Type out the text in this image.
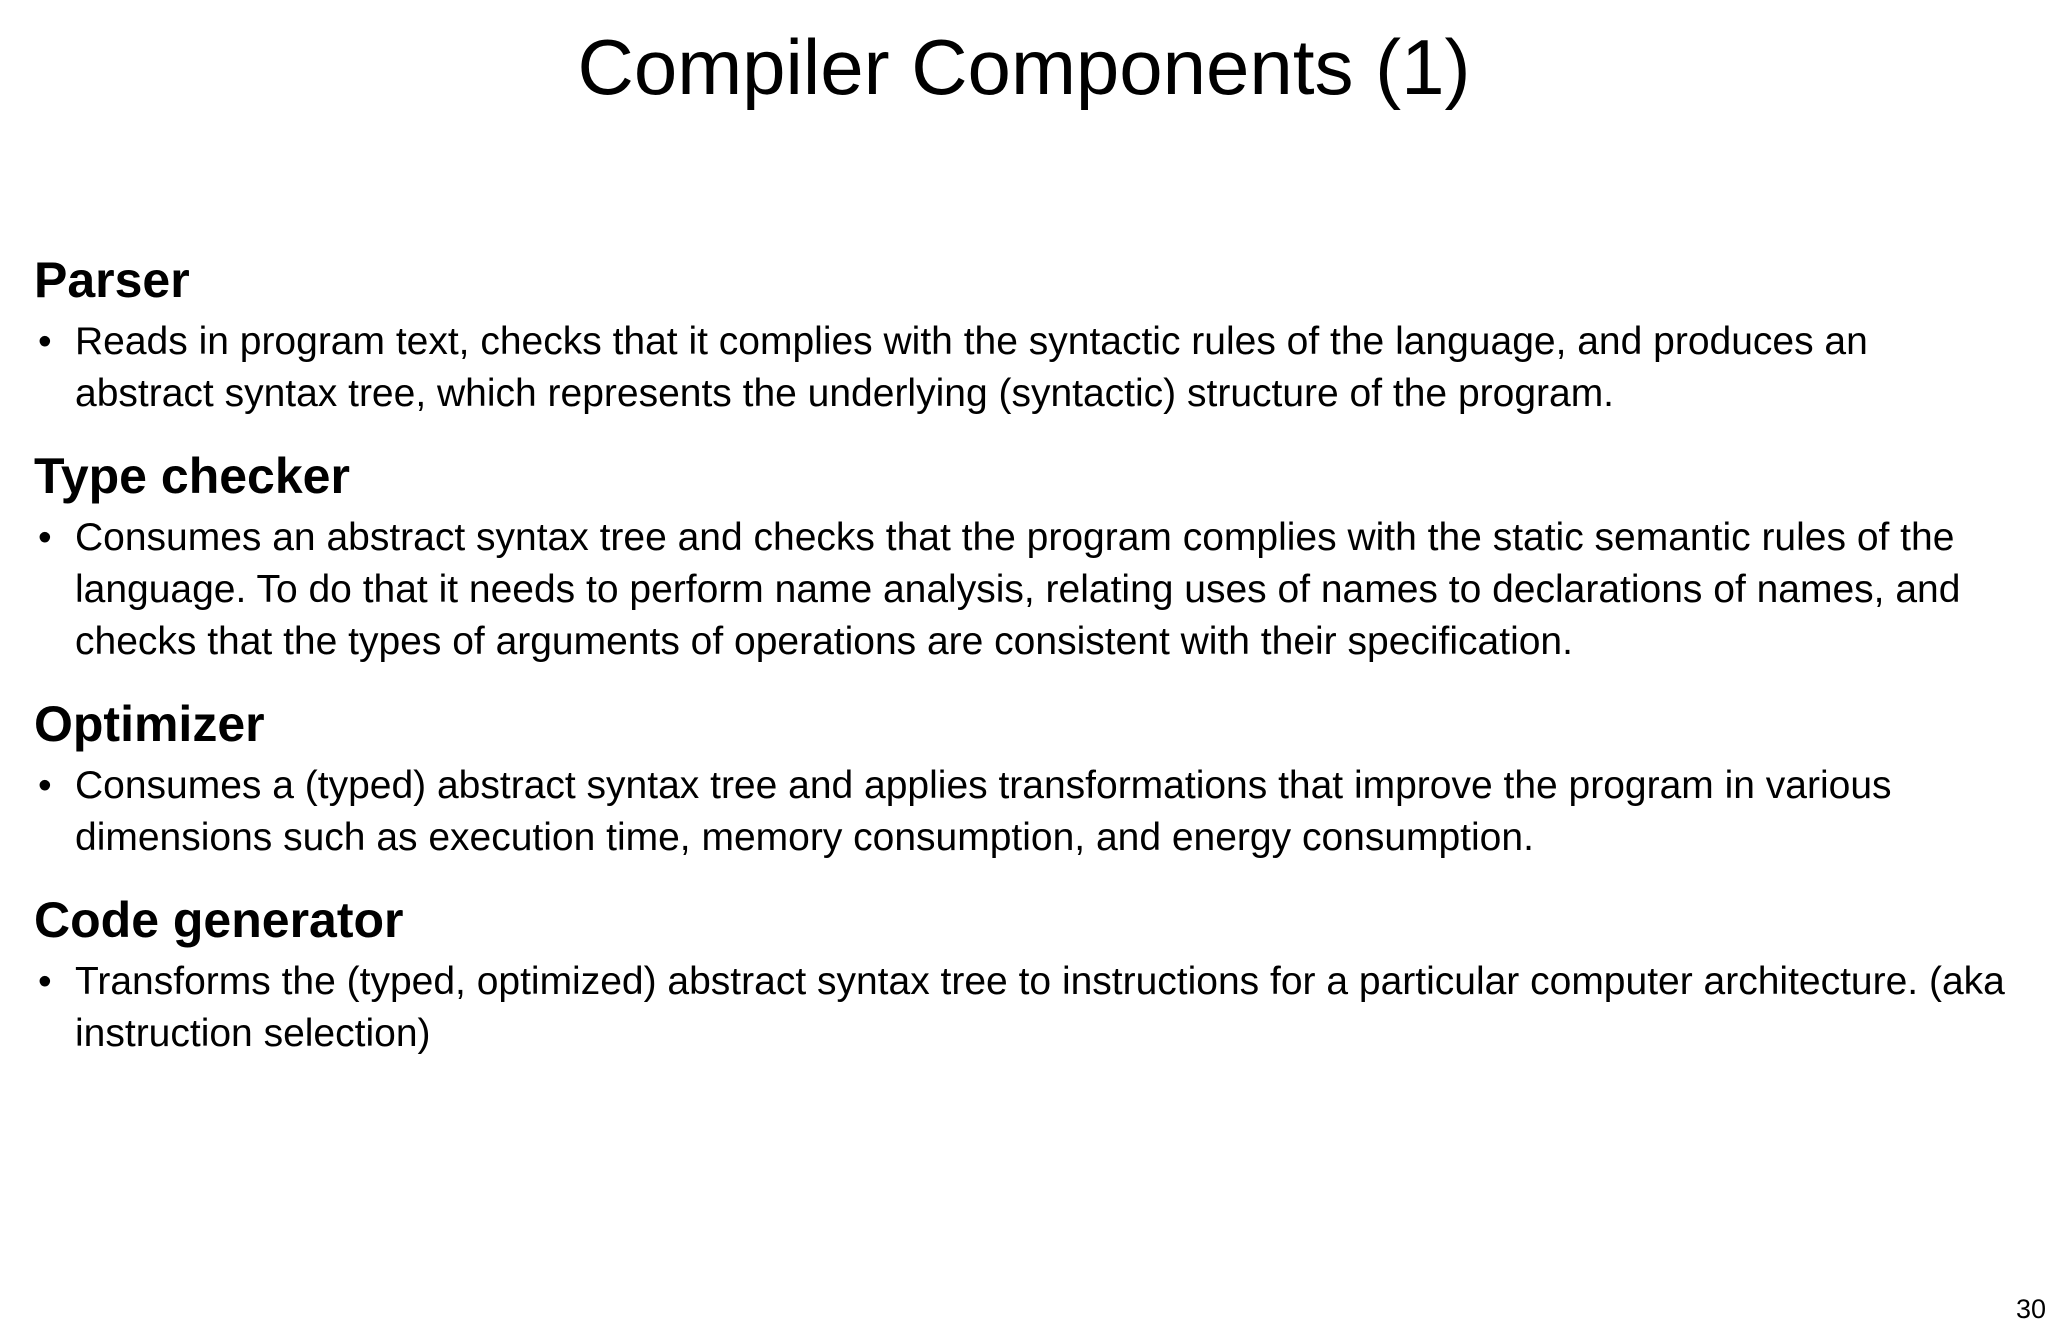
Compiler Components (1)
Parser
• Reads in program text, checks that it complies with the syntactic rules of the language, and produces an abstract syntax tree, which represents the underlying (syntactic) structure of the program.
Type checker
• Consumes an abstract syntax tree and checks that the program complies with the static semantic rules of the language. To do that it needs to perform name analysis, relating uses of names to declarations of names, and checks that the types of arguments of operations are consistent with their specification.
Optimizer
• Consumes a (typed) abstract syntax tree and applies transformations that improve the program in various dimensions such as execution time, memory consumption, and energy consumption.
Code generator
• Transforms the (typed, optimized) abstract syntax tree to instructions for a particular computer architecture. (aka instruction selection)
30
